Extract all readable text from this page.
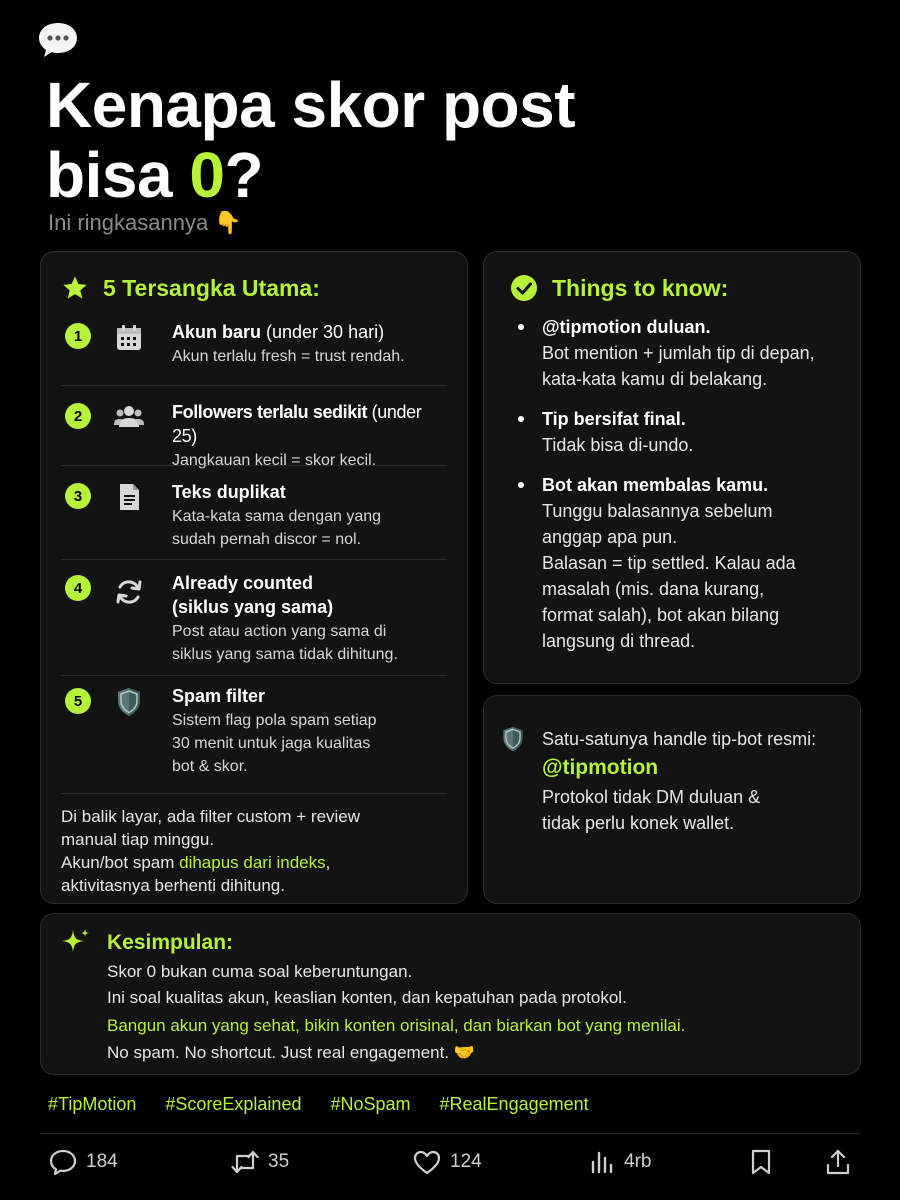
Kenapa skor post
bisa 0?
Ini ringkasannya 👇
5 Tersangka Utama:
1	Akun baru (under 30 hari)
Akun terlalu fresh = trust rendah.
2	Followers terlalu sedikit (under 25)
Jangkauan kecil = skor kecil.
3	Teks duplikat
Kata-kata sama dengan yang
sudah pernah discor = nol.
4	Already counted
(siklus yang sama)
Post atau action yang sama di
siklus yang sama tidak dihitung.
5	Spam filter
Sistem flag pola spam setiap
30 menit untuk jaga kualitas
bot & skor.
Di balik layar, ada filter custom + review
manual tiap minggu.
Akun/bot spam dihapus dari indeks,
aktivitasnya berhenti dihitung.
Things to know:
@tipmotion duluan.
Bot mention + jumlah tip di depan,
kata-kata kamu di belakang.
Tip bersifat final.
Tidak bisa di-undo.
Bot akan membalas kamu.
Tunggu balasannya sebelum
anggap apa pun.
Balasan = tip settled. Kalau ada
masalah (mis. dana kurang,
format salah), bot akan bilang
langsung di thread.
Satu-satunya handle tip-bot resmi:
@tipmotion
Protokol tidak DM duluan &
tidak perlu konek wallet.
Kesimpulan:
Skor 0 bukan cuma soal keberuntungan.
Ini soal kualitas akun, keaslian konten, dan kepatuhan pada protokol.
Bangun akun yang sehat, bikin konten orisinal, dan biarkan bot yang menilai.
No spam. No shortcut. Just real engagement. 🤝
#TipMotion #ScoreExplained #NoSpam #RealEngagement
184	35	124	4rb
